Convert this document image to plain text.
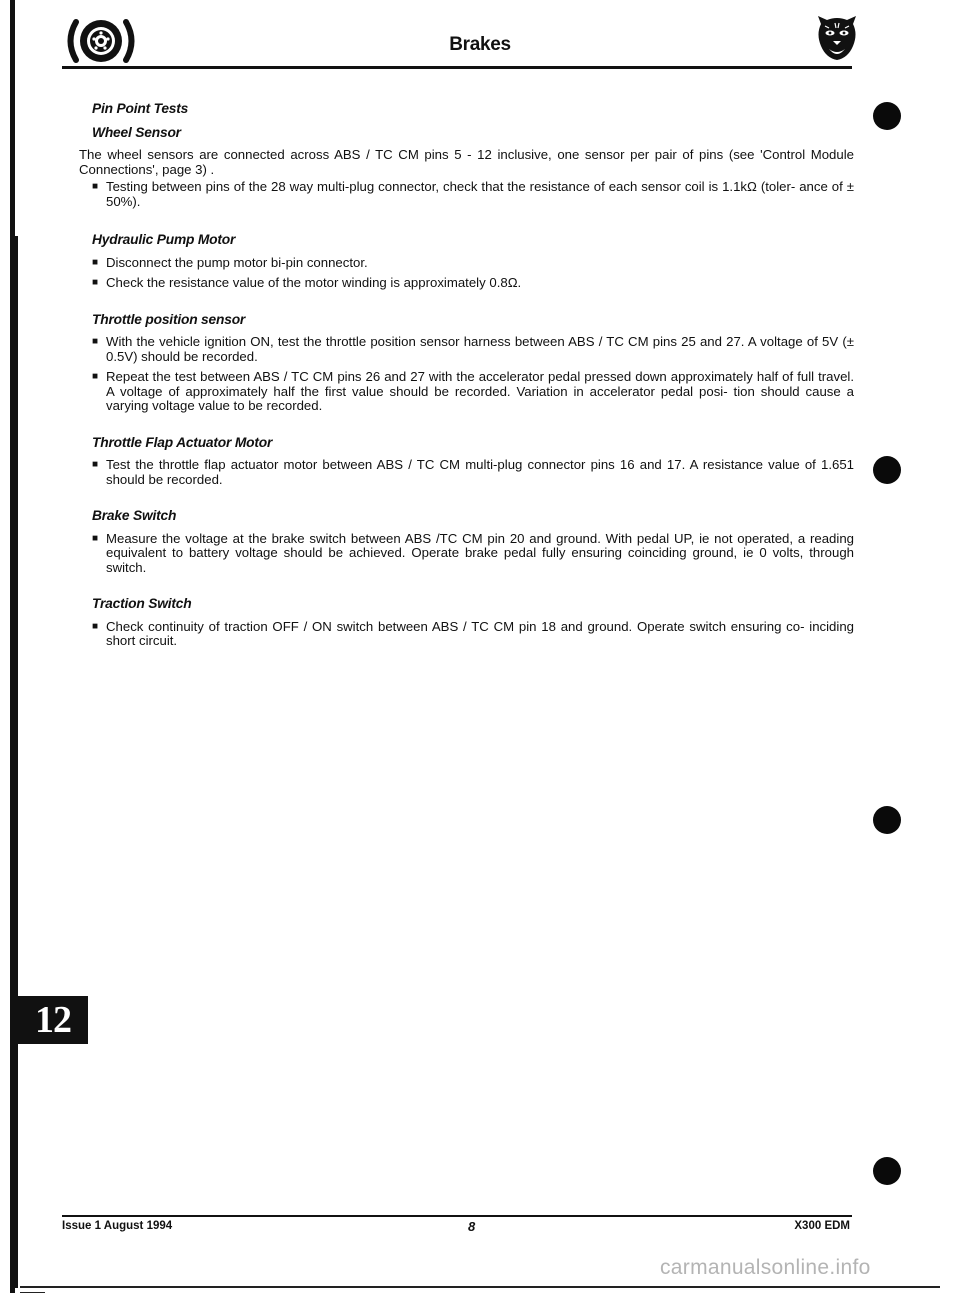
Brakes
12
Pin Point Tests
Wheel Sensor

The wheel sensors are connected across ABS / TC CM pins 5 - 12 inclusive, one sensor per pair of pins (see 'Control Module Connections', page 3) .

■ Testing between pins of the 28 way multi-plug connector, check that the resistance of each sensor coil is 1.1kΩ (toler- ance of ± 50%).
Hydraulic Pump Motor
■ Disconnect the pump motor bi-pin connector.
■ Check the resistance value of the motor winding is approximately 0.8Ω.
Throttle position sensor
■ With the vehicle ignition ON, test the throttle position sensor harness between ABS / TC CM pins 25 and 27. A voltage of 5V (± 0.5V) should be recorded.
■ Repeat the test between ABS / TC CM pins 26 and 27 with the accelerator pedal pressed down approximately half of full travel. A voltage of approximately half the first value should be recorded. Variation in accelerator pedal posi- tion should cause a varying voltage value to be recorded.
Throttle Flap Actuator Motor
■ Test the throttle flap actuator motor between ABS / TC CM multi-plug connector pins 16 and 17. A resistance value of 1.651 should be recorded.
Brake Switch
■ Measure the voltage at the brake switch between ABS /TC CM pin 20 and ground. With pedal UP, ie not operated, a reading equivalent to battery voltage should be achieved. Operate brake pedal fully ensuring coinciding ground, ie 0 volts, through switch.
Traction Switch
■ Check continuity of traction OFF / ON switch between ABS / TC CM pin 18 and ground. Operate switch ensuring co- inciding short circuit.
Issue 1 August 1994	8	X300 EDM
carmanualsonline.info
